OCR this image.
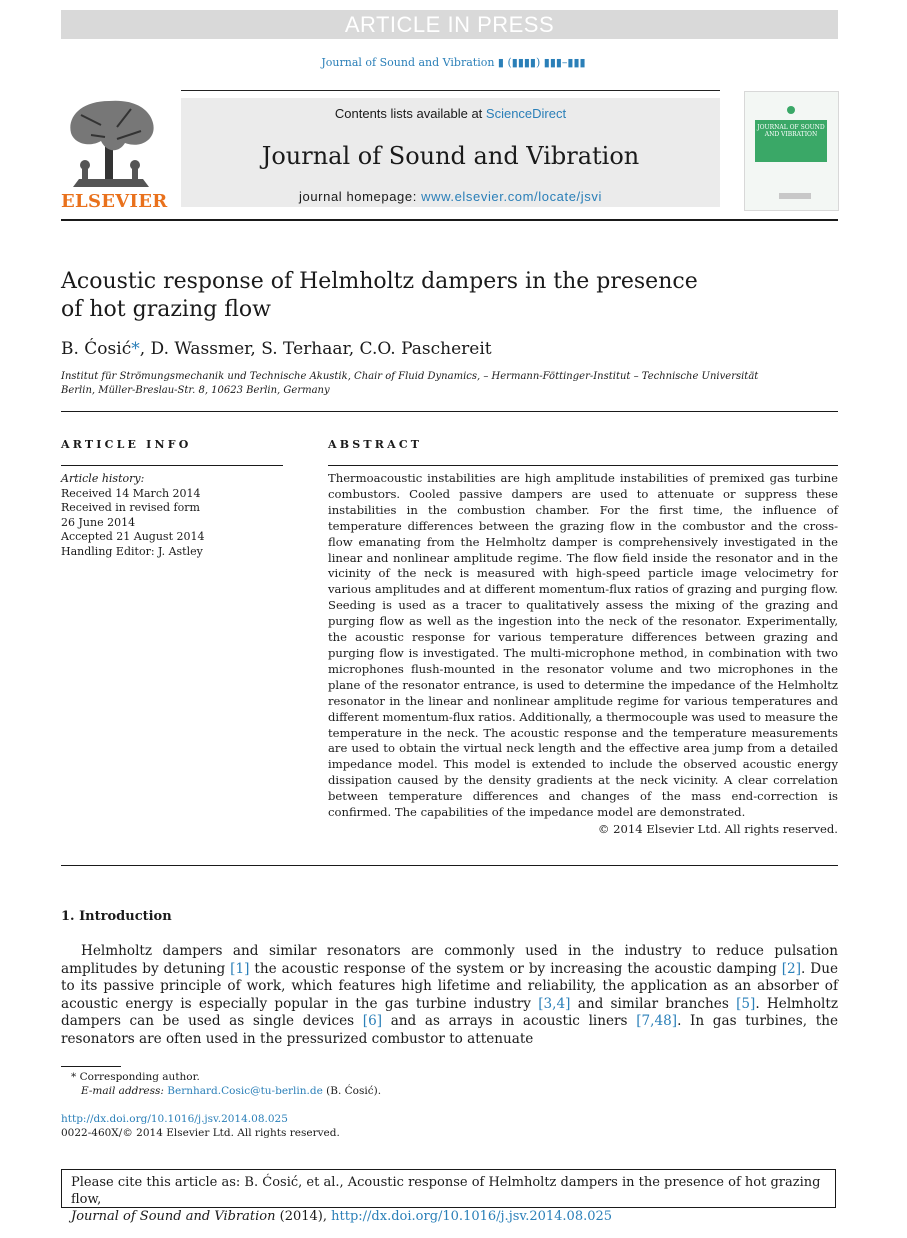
ARTICLE IN PRESS
Journal of Sound and Vibration ▮ (▮▮▮▮) ▮▮▮–▮▮▮
ELSEVIER
Contents lists available at ScienceDirect
Journal of Sound and Vibration
journal homepage: www.elsevier.com/locate/jsvi
JOURNAL OF SOUND AND VIBRATION
Acoustic response of Helmholtz dampers in the presence
of hot grazing flow
B. Ćosić*, D. Wassmer, S. Terhaar, C.O. Paschereit
Institut für Strömungsmechanik und Technische Akustik, Chair of Fluid Dynamics, – Hermann-Föttinger-Institut – Technische Universität
Berlin, Müller-Breslau-Str. 8, 10623 Berlin, Germany
ARTICLE INFO
Article history:
Received 14 March 2014
Received in revised form
26 June 2014
Accepted 21 August 2014
Handling Editor: J. Astley
ABSTRACT
Thermoacoustic instabilities are high amplitude instabilities of premixed gas turbine combustors. Cooled passive dampers are used to attenuate or suppress these instabilities in the combustion chamber. For the first time, the influence of temperature differences between the grazing flow in the combustor and the cross-flow emanating from the Helmholtz damper is comprehensively investigated in the linear and nonlinear amplitude regime. The flow field inside the resonator and in the vicinity of the neck is measured with high-speed particle image velocimetry for various amplitudes and at different momentum-flux ratios of grazing and purging flow. Seeding is used as a tracer to qualitatively assess the mixing of the grazing and purging flow as well as the ingestion into the neck of the resonator. Experimentally, the acoustic response for various temperature differences between grazing and purging flow is investigated. The multi-microphone method, in combination with two microphones flush-mounted in the resonator volume and two microphones in the plane of the resonator entrance, is used to determine the impedance of the Helmholtz resonator in the linear and nonlinear amplitude regime for various temperatures and different momentum-flux ratios. Additionally, a thermocouple was used to measure the temperature in the neck. The acoustic response and the temperature measurements are used to obtain the virtual neck length and the effective area jump from a detailed impedance model. This model is extended to include the observed acoustic energy dissipation caused by the density gradients at the neck vicinity. A clear correlation between temperature differences and changes of the mass end-correction is confirmed. The capabilities of the impedance model are demonstrated.
© 2014 Elsevier Ltd. All rights reserved.
1. Introduction
Helmholtz dampers and similar resonators are commonly used in the industry to reduce pulsation amplitudes by detuning [1] the acoustic response of the system or by increasing the acoustic damping [2]. Due to its passive principle of work, which features high lifetime and reliability, the application as an absorber of acoustic energy is especially popular in the gas turbine industry [3,4] and similar branches [5]. Helmholtz dampers can be used as single devices [6] and as arrays in acoustic liners [7,48]. In gas turbines, the resonators are often used in the pressurized combustor to attenuate
* Corresponding author.
E-mail address: Bernhard.Cosic@tu-berlin.de (B. Ćosić).
http://dx.doi.org/10.1016/j.jsv.2014.08.025
0022-460X/© 2014 Elsevier Ltd. All rights reserved.
Please cite this article as: B. Ćosić, et al., Acoustic response of Helmholtz dampers in the presence of hot grazing flow,
Journal of Sound and Vibration (2014), http://dx.doi.org/10.1016/j.jsv.2014.08.025
